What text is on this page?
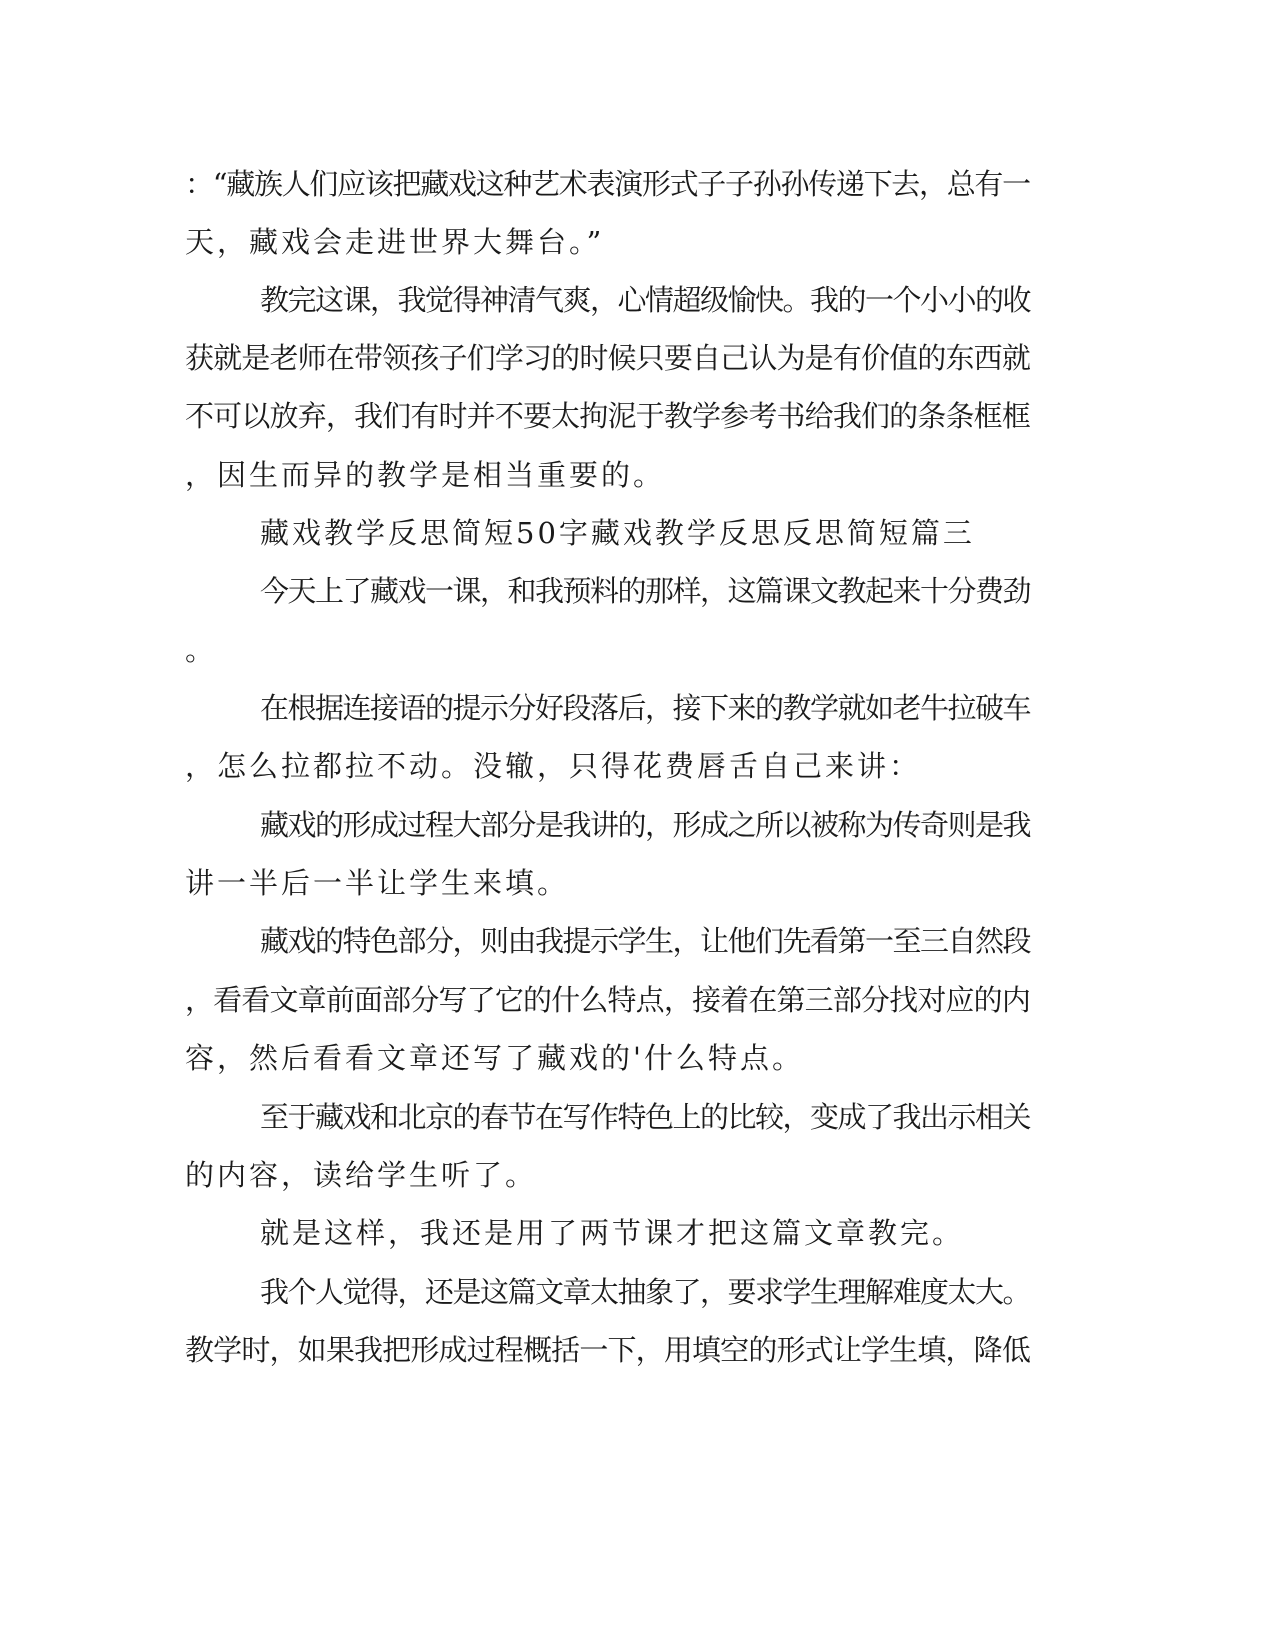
：“藏族人们应该把藏戏这种艺术表演形式子子孙孙传递下去，总有一

天，藏戏会走进世界大舞台。”

教完这课，我觉得神清气爽，心情超级愉快。我的一个小小的收

获就是老师在带领孩子们学习的时候只要自己认为是有价值的东西就

不可以放弃，我们有时并不要太拘泥于教学参考书给我们的条条框框

，因生而异的教学是相当重要的。

藏戏教学反思简短50字藏戏教学反思反思简短篇三

今天上了藏戏一课，和我预料的那样，这篇课文教起来十分费劲

。

在根据连接语的提示分好段落后，接下来的教学就如老牛拉破车

，怎么拉都拉不动。没辙，只得花费唇舌自己来讲：

藏戏的形成过程大部分是我讲的，形成之所以被称为传奇则是我

讲一半后一半让学生来填。

藏戏的特色部分，则由我提示学生，让他们先看第一至三自然段

，看看文章前面部分写了它的什么特点，接着在第三部分找对应的内

容，然后看看文章还写了藏戏的'什么特点。

至于藏戏和北京的春节在写作特色上的比较，变成了我出示相关

的内容，读给学生听了。

就是这样，我还是用了两节课才把这篇文章教完。

我个人觉得，还是这篇文章太抽象了，要求学生理解难度太大。

教学时，如果我把形成过程概括一下，用填空的形式让学生填，降低
